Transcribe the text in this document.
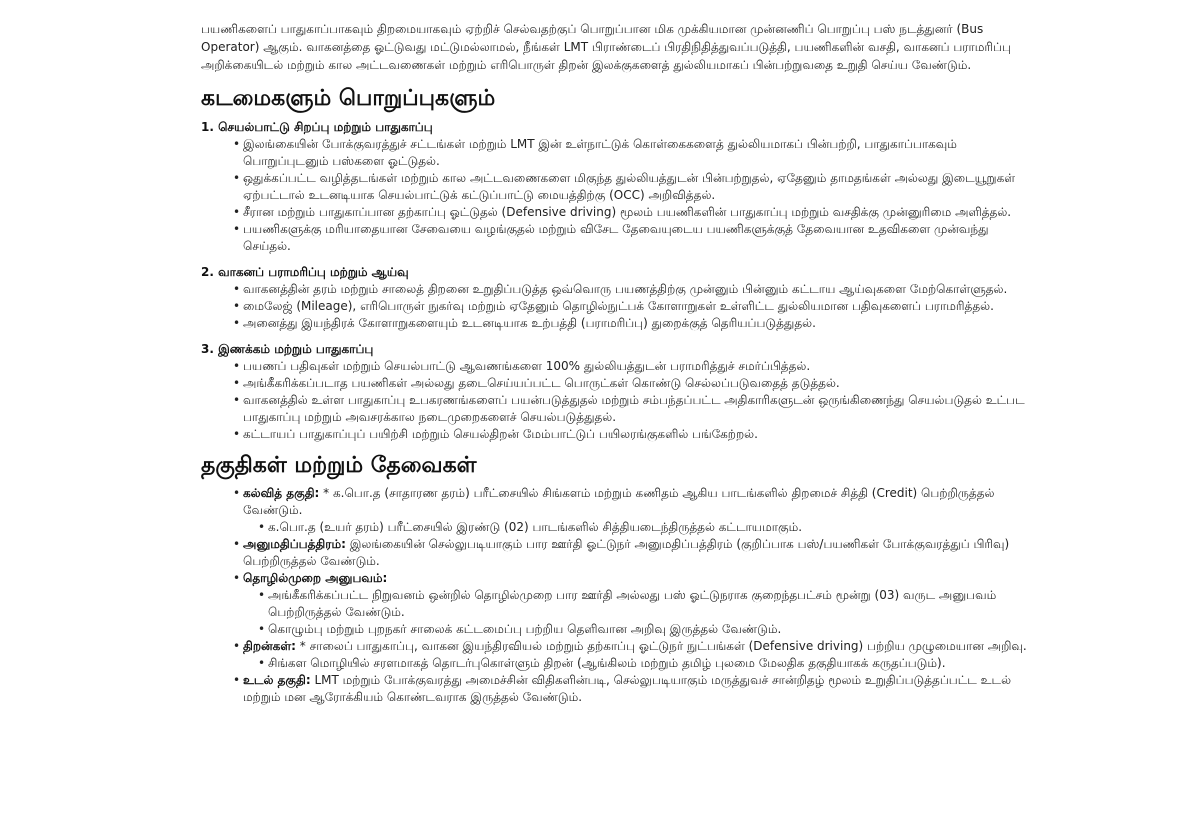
பயணிகளைப் பாதுகாப்பாகவும் திறமையாகவும் ஏற்றிச் செல்வதற்குப் பொறுப்பான மிக முக்கியமான முன்னணிப் பொறுப்பு பஸ் நடத்துனர் (Bus Operator) ஆகும். வாகனத்தை ஓட்டுவது மட்டுமல்லாமல், நீங்கள் LMT பிராண்டைப் பிரதிநிதித்துவப்படுத்தி, பயணிகளின் வசதி, வாகனப் பராமரிப்பு அறிக்கையிடல் மற்றும் கால அட்டவணைகள் மற்றும் எரிபொருள் திறன் இலக்குகளைத் துல்லியமாகப் பின்பற்றுவதை உறுதி செய்ய வேண்டும்.

கடமைகளும் பொறுப்புகளும்
1. செயல்பாட்டு சிறப்பு மற்றும் பாதுகாப்பு
• இலங்கையின் போக்குவரத்துச் சட்டங்கள் மற்றும் LMT இன் உள்நாட்டுக் கொள்கைகளைத் துல்லியமாகப் பின்பற்றி, பாதுகாப்பாகவும் பொறுப்புடனும் பஸ்களை ஓட்டுதல்.
• ஒதுக்கப்பட்ட வழித்தடங்கள் மற்றும் கால அட்டவணைகளை மிகுந்த துல்லியத்துடன் பின்பற்றுதல், ஏதேனும் தாமதங்கள் அல்லது இடையூறுகள் ஏற்பட்டால் உடனடியாக செயல்பாட்டுக் கட்டுப்பாட்டு மையத்திற்கு (OCC) அறிவித்தல்.
• சீரான மற்றும் பாதுகாப்பான தற்காப்பு ஓட்டுதல் (Defensive driving) மூலம் பயணிகளின் பாதுகாப்பு மற்றும் வசதிக்கு முன்னுரிமை அளித்தல்.
• பயணிகளுக்கு மரியாதையான சேவையை வழங்குதல் மற்றும் விசேட தேவையுடைய பயணிகளுக்குத் தேவையான உதவிகளை முன்வந்து செய்தல்.
2. வாகனப் பராமரிப்பு மற்றும் ஆய்வு
• வாகனத்தின் தரம் மற்றும் சாலைத் திறனை உறுதிப்படுத்த ஒவ்வொரு பயணத்திற்கு முன்னும் பின்னும் கட்டாய ஆய்வுகளை மேற்கொள்ளுதல்.
• மைலேஜ் (Mileage), எரிபொருள் நுகர்வு மற்றும் ஏதேனும் தொழில்நுட்பக் கோளாறுகள் உள்ளிட்ட துல்லியமான பதிவுகளைப் பராமரித்தல்.
• அனைத்து இயந்திரக் கோளாறுகளையும் உடனடியாக உற்பத்தி (பராமரிப்பு) துறைக்குத் தெரியப்படுத்துதல்.
3. இணக்கம் மற்றும் பாதுகாப்பு
• பயணப் பதிவுகள் மற்றும் செயல்பாட்டு ஆவணங்களை 100% துல்லியத்துடன் பராமரித்துச் சமர்ப்பித்தல்.
• அங்கீகரிக்கப்படாத பயணிகள் அல்லது தடைசெய்யப்பட்ட பொருட்கள் கொண்டு செல்லப்படுவதைத் தடுத்தல்.
• வாகனத்தில் உள்ள பாதுகாப்பு உபகரணங்களைப் பயன்படுத்துதல் மற்றும் சம்பந்தப்பட்ட அதிகாரிகளுடன் ஒருங்கிணைந்து செயல்படுதல் உட்பட பாதுகாப்பு மற்றும் அவசரக்கால நடைமுறைகளைச் செயல்படுத்துதல்.
• கட்டாயப் பாதுகாப்புப் பயிற்சி மற்றும் செயல்திறன் மேம்பாட்டுப் பயிலரங்குகளில் பங்கேற்றல்.
தகுதிகள் மற்றும் தேவைகள்
• கல்வித் தகுதி: * க.பொ.த (சாதாரண தரம்) பரீட்சையில் சிங்களம் மற்றும் கணிதம் ஆகிய பாடங்களில் திறமைச் சித்தி (Credit) பெற்றிருத்தல் வேண்டும்.
• க.பொ.த (உயர் தரம்) பரீட்சையில் இரண்டு (02) பாடங்களில் சித்தியடைந்திருத்தல் கட்டாயமாகும்.
• அனுமதிப்பத்திரம்: இலங்கையின் செல்லுபடியாகும் பார ஊர்தி ஓட்டுநர் அனுமதிப்பத்திரம் (குறிப்பாக பஸ்/பயணிகள் போக்குவரத்துப் பிரிவு) பெற்றிருத்தல் வேண்டும்.
• தொழில்முறை அனுபவம்:
• அங்கீகரிக்கப்பட்ட நிறுவனம் ஒன்றில் தொழில்முறை பார ஊர்தி அல்லது பஸ் ஓட்டுநராக குறைந்தபட்சம் மூன்று (03) வருட அனுபவம் பெற்றிருத்தல் வேண்டும்.
• கொழும்பு மற்றும் புறநகர் சாலைக் கட்டமைப்பு பற்றிய தெளிவான அறிவு இருத்தல் வேண்டும்.
• திறன்கள்: * சாலைப் பாதுகாப்பு, வாகன இயந்திரவியல் மற்றும் தற்காப்பு ஓட்டுநர் நுட்பங்கள் (Defensive driving) பற்றிய முழுமையான அறிவு.
• சிங்கள மொழியில் சரளமாகத் தொடர்புகொள்ளும் திறன் (ஆங்கிலம் மற்றும் தமிழ் புலமை மேலதிக தகுதியாகக் கருதப்படும்).
• உடல் தகுதி: LMT மற்றும் போக்குவரத்து அமைச்சின் விதிகளின்படி, செல்லுபடியாகும் மருத்துவச் சான்றிதழ் மூலம் உறுதிப்படுத்தப்பட்ட உடல் மற்றும் மன ஆரோக்கியம் கொண்டவராக இருத்தல் வேண்டும்.
